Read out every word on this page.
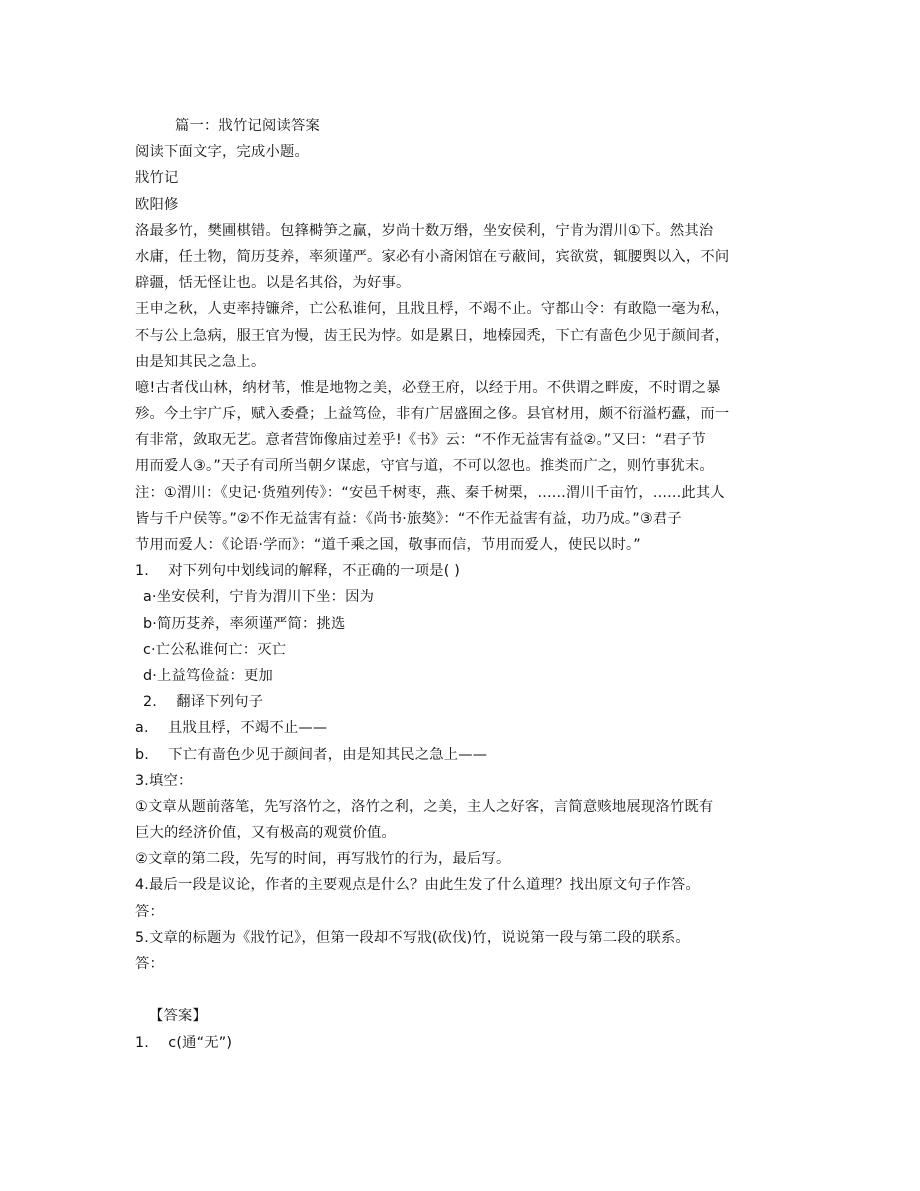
篇一：戕竹记阅读答案
阅读下面文字，完成小题。
戕竹记
欧阳修
洛最多竹，樊圃棋错。包箨榯笋之赢，岁尚十数万缗，坐安侯利，宁肯为渭川①下。然其治
水庸，任土物，简历芟养，率须谨严。家必有小斋闲馆在亏蔽间，宾欲赏，辄腰舆以入，不问
辟疆，恬无怪让也。以是名其俗，为好事。
王申之秋，人吏率持镰斧，亡公私谁何，且戕且桴，不竭不止。守都山令：有敢隐一毫为私，
不与公上急病，服王官为慢，齿王民为悖。如是累日，地榛园秃，下亡有啬色少见于颜间者，
由是知其民之急上。
噫!古者伐山林，纳材苇，惟是地物之美，必登王府，以经于用。不供谓之畔废，不时谓之暴
殄。今土宇广斥，赋入委叠；上益笃俭，非有广居盛囿之侈。县官材用，颇不衍溢朽蠹，而一
有非常，敛取无艺。意者营饰像庙过差乎!《书》云：“不作无益害有益②。”又曰：“君子节
用而爱人③。”天子有司所当朝夕谋虑，守官与道，不可以忽也。推类而广之，则竹事犹末。
注：①渭川：《史记·货殖列传》：“安邑千树枣，燕、秦千树栗，......渭川千亩竹，......此其人
皆与千户侯等。”②不作无益害有益：《尚书·旅獒》：“不作无益害有益，功乃成。”③君子
节用而爱人：《论语·学而》：“道千乘之国，敬事而信，节用而爱人，使民以时。”
1.　 对下列句中划线词的解释，不正确的一项是( )
a·坐安侯利，宁肯为渭川下坐：因为
b·简历芟养，率须谨严简：挑选
c·亡公私谁何亡：灭亡
d·上益笃俭益：更加
2.　 翻译下列句子
a.　 且戕且桴，不竭不止——
b.　 下亡有啬色少见于颜间者，由是知其民之急上——
3.填空：
①文章从题前落笔，先写洛竹之，洛竹之利，之美，主人之好客，言简意赅地展现洛竹既有
巨大的经济价值，又有极高的观赏价值。
②文章的第二段，先写的时间，再写戕竹的行为，最后写。
4.最后一段是议论，作者的主要观点是什么？由此生发了什么道理？找出原文句子作答。
答：
5.文章的标题为《戕竹记》，但第一段却不写戕(砍伐)竹，说说第一段与第二段的联系。
答：
【答案】
1.　 c(通“无”)
